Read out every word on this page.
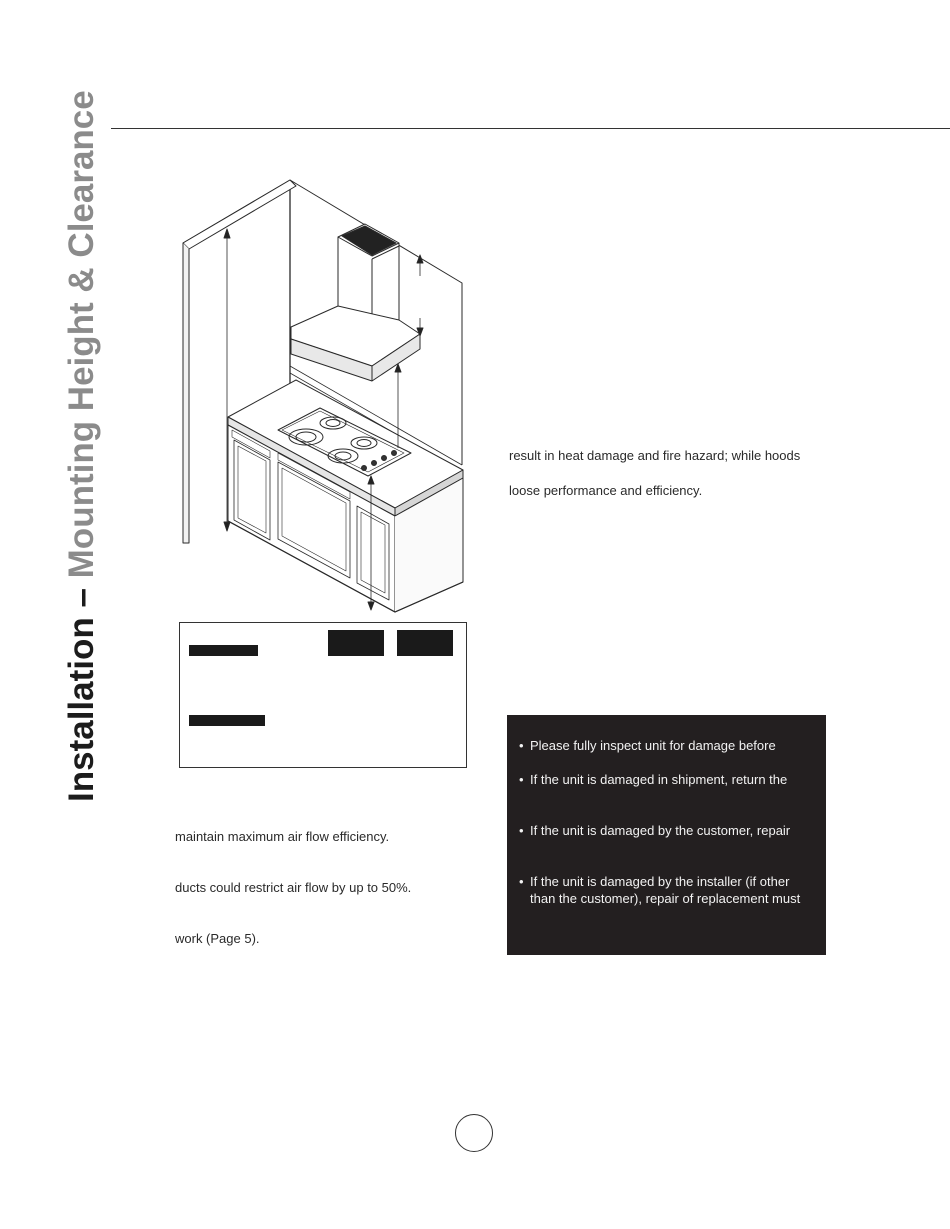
Installation – Mounting Height & Clearance	result in heat damage and fire hazard; while hoods
loose performance and efficiency.
maintain maximum air flow efficiency.
ducts could restrict air flow by up to 50%.
work (Page 5).
• Please fully inspect unit for damage before
• If the unit is damaged in shipment, return the
• If the unit is damaged by the customer, repair
• If the unit is damaged by the installer (if other
than the customer), repair of replacement must
